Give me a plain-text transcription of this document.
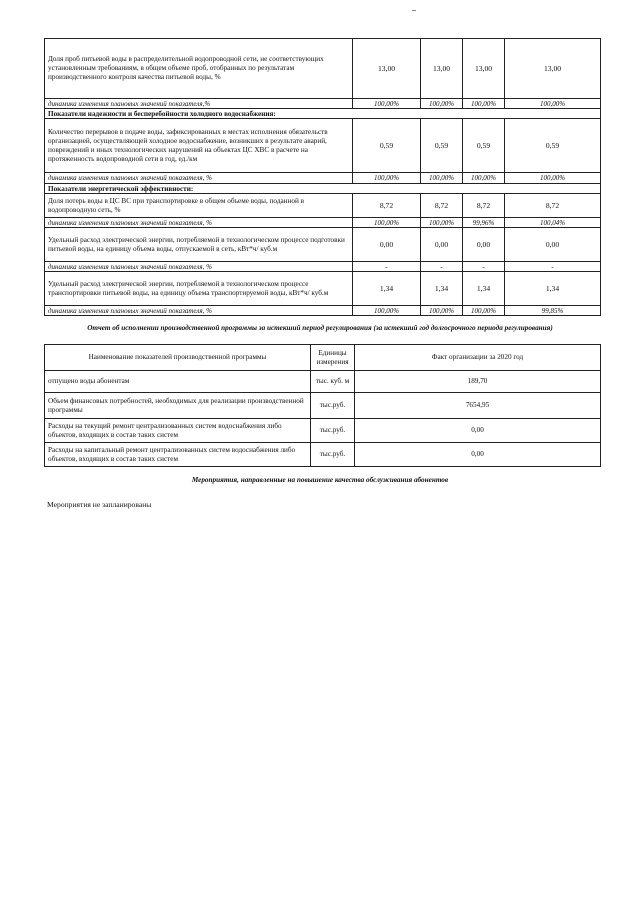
Доля проб питьевой воды в распределительной водопроводной сети, не соответствующих установленным требованиям, в общем объеме проб, отобранных по результатам производственного контроля качества питьевой воды, %	13,00	13,00	13,00	13,00
динамика изменения плановых значений показателя,%	100,00%	100,00%	100,00%	100,00%
Показатели надежности и бесперебойности холодного водоснабжения:				
Количество перерывов в подаче воды, зафиксированных в местах исполнения обязательств организацией, осуществляющей холодное водоснабжение, возникших в результате аварий, повреждений и иных технологических нарушений на объектах ЦС ХВС в расчете на протяженность водопроводной сети в год, ед./км	0,59	0,59	0,59	0,59
динамика изменения плановых значений показателя, %	100,00%	100,00%	100,00%	100,00%
Показатели энергетической эффективности:				
Доля потерь воды в ЦС ВС при транспортировке в общем объеме воды, поданной в водопроводную сеть, %	8,72	8,72	8,72	8,72
динамика изменения плановых значений показателя, %	100,00%	100,00%	99,96%	100,04%
Удельный расход электрической энергии, потребляемой в технологическом процессе подготовки питьевой воды, на единицу объема воды, отпускаемой в сеть, кВт*ч/ куб.м	0,00	0,00	0,00	0,00
динамика изменения плановых значений показателя, %	-	-	-	-
Удельный расход электрической энергии, потребляемой в технологическом процессе транспортировки питьевой воды, на единицу объема транспортируемой воды, кВт*ч/ куб.м	1,34	1,34	1,34	1,34
динамика изменения плановых значений показателя, %	100,00%	100,00%	100,00%	99,85%
Отчет об исполнении производственной программы за истекший период регулирования (за истекший год долгосрочного периода регулирования)
Наименование показателей производственной программы	Единицы измерения	Факт организации за 2020 год
отпущено воды абонентам	тыс. куб. м	189,70
Объем финансовых потребностей, необходимых для реализации производственной программы	тыс.руб.	7654,95
Расходы на текущий ремонт централизованных систем водоснабжения либо объектов, входящих в состав таких систем	тыс.руб.	0,00
Расходы на капитальный ремонт централизованных систем водоснабжения либо объектов, входящих в состав таких систем	тыс.руб.	0,00
Мероприятия, направленные на повышение качества обслуживания абонентов
Мероприятия не запланированы
